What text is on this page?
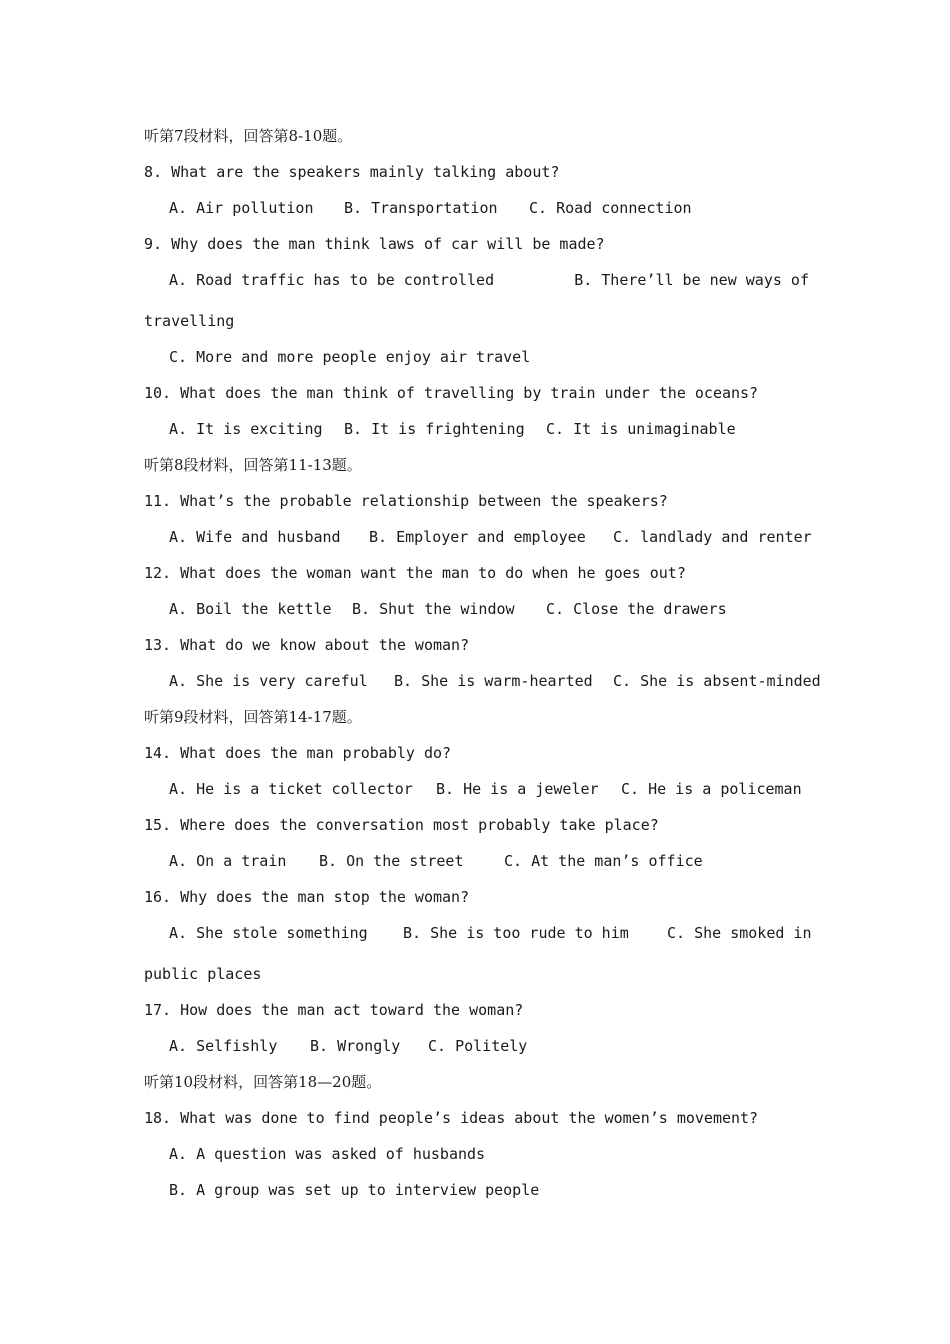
听第7段材料，回答第8-10题。
8. What are the speakers mainly talking about?
A. Air pollution B. Transportation C. Road connection
9. Why does the man think laws of car will be made?
A. Road traffic has to be controlled	B. There’ll be new ways of
travelling
C. More and more people enjoy air travel
10. What does the man think of travelling by train under the oceans?
A. It is exciting B. It is frightening C. It is unimaginable
听第8段材料，回答第11-13题。
11. What’s the probable relationship between the speakers?
A. Wife and husband B. Employer and employee C. landlady and renter
12. What does the woman want the man to do when he goes out?
A. Boil the kettle B. Shut the window C. Close the drawers
13. What do we know about the woman?
A. She is very careful B. She is warm-hearted C. She is absent-minded
听第9段材料，回答第14-17题。
14. What does the man probably do?
A. He is a ticket collector B. He is a jeweler C. He is a policeman
15. Where does the conversation most probably take place?
A. On a train B. On the street	C. At the man’s office
16. Why does the man stop the woman?
A. She stole something B. She is too rude to him	C. She smoked in
public places
17. How does the man act toward the woman?
A. Selfishly B. Wrongly C. Politely
听第10段材料，回答第18—20题。
18. What was done to find people’s ideas about the women’s movement?
A. A question was asked of husbands
B. A group was set up to interview people
